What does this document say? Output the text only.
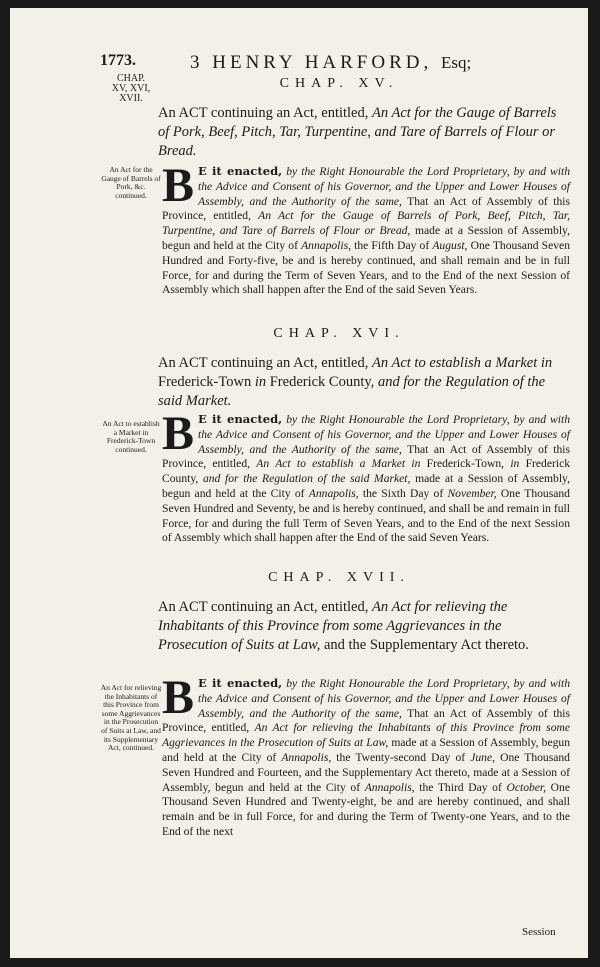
1773.	3 HENRY HARFORD, Esq;
CHAP.
XV, XVI,
XVII.
CHAP. XV.
An ACT continuing an Act, entitled, An Act for the Gauge of Barrels of Pork, Beef, Pitch, Tar, Turpentine, and Tare of Barrels of Flour or Bread.
An Act for the Gauge of Barrels of Pork, &c. continued. B E it enacted, by the Right Honourable the Lord Proprietary, by and with the Advice and Consent of his Governor, and the Upper and Lower Houses of Assembly, and the Authority of the same, That an Act of Assembly of this Province, entitled, An Act for the Gauge of Barrels of Pork, Beef, Pitch, Tar, Turpentine, and Tare of Barrels of Flour or Bread, made at a Session of Assembly, begun and held at the City of Annapolis, the Fifth Day of August, One Thousand Seven Hundred and Forty-five, be and is hereby continued, and shall remain and be in full Force, for and during the Term of Seven Years, and to the End of the next Session of Assembly which shall happen after the End of the said Seven Years.
CHAP. XVI.
An ACT continuing an Act, entitled, An Act to establish a Market in Frederick-Town in Frederick County, and for the Regulation of the said Market.
An Act to establish a Market in Frederick-Town continued. B E it enacted, by the Right Honourable the Lord Proprietary, by and with the Advice and Consent of his Governor, and the Upper and Lower Houses of Assembly, and the Authority of the same, That an Act of Assembly of this Province, entitled, An Act to establish a Market in Frederick-Town, in Frederick County, and for the Regulation of the said Market, made at a Session of Assembly, begun and held at the City of Annapolis, the Sixth Day of November, One Thousand Seven Hundred and Seventy, be and is hereby continued, and shall be and remain in full Force, for and during the full Term of Seven Years, and to the End of the next Session of Assembly which shall happen after the End of the said Seven Years.
CHAP. XVII.
An ACT continuing an Act, entitled, An Act for relieving the Inhabitants of this Province from some Aggrievances in the Prosecution of Suits at Law, and the Supplementary Act thereto.
An Act for relieving the Inhabitants of this Province from some Aggrievances in the Prosecution of Suits at Law, and its Supplementary Act, continued.
B E it enacted, by the Right Honourable the Lord Proprietary, by and with the Advice and Consent of his Governor, and the Upper and Lower Houses of Assembly, and the Authority of the same, That an Act of Assembly of this Province, entitled, An Act for relieving the Inhabitants of this Province from some Aggrievances in the Prosecution of Suits at Law, made at a Session of Assembly, begun and held at the City of Annapolis, the Twenty-second Day of June, One Thousand Seven Hundred and Fourteen, and the Supplementary Act thereto, made at a Session of Assembly, begun and held at the City of Annapolis, the Third Day of October, One Thousand Seven Hundred and Twenty-eight, be and are hereby continued, and shall remain and be in full Force, for and during the Term of Twenty-one Years, and to the End of the next
Session
